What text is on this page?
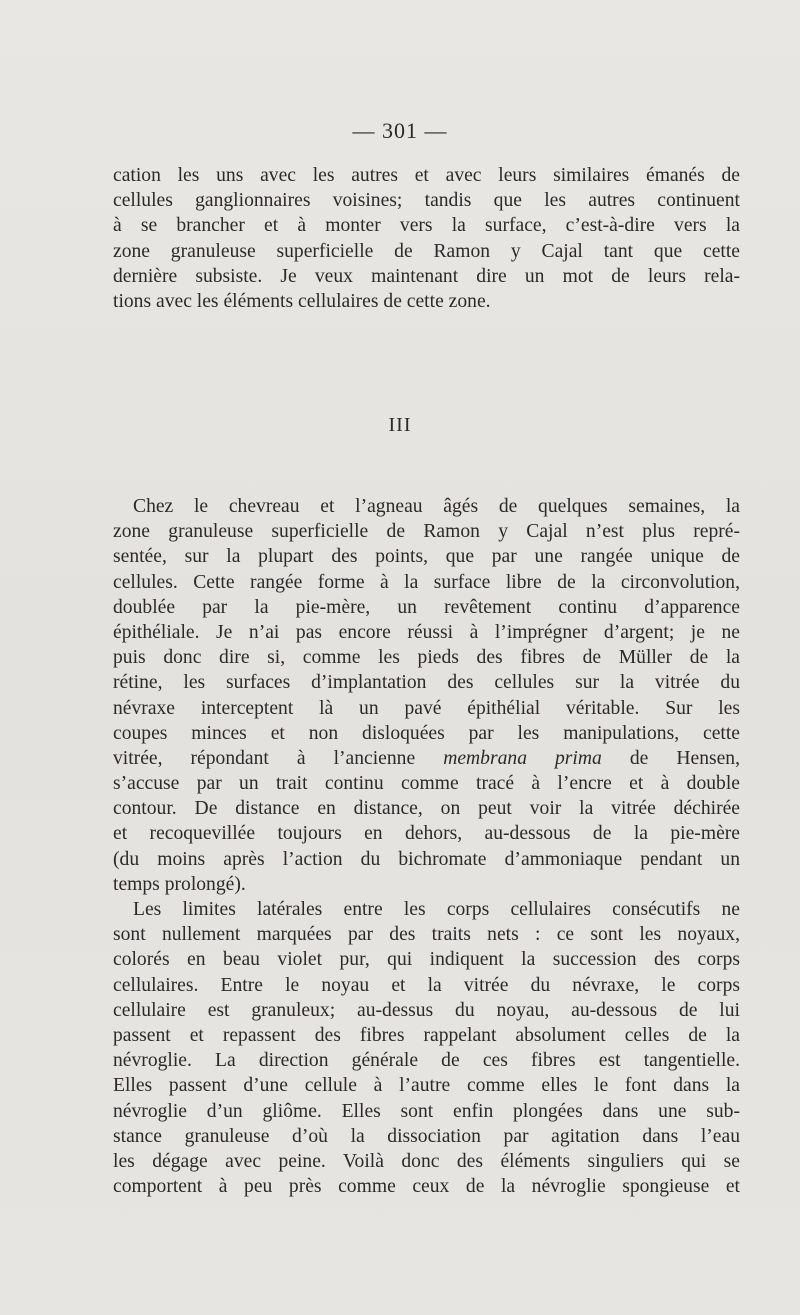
— 301 —
cation les uns avec les autres et avec leurs similaires émanés de
cellules ganglionnaires voisines; tandis que les autres continuent
à se brancher et à monter vers la surface, c’est-à-dire vers la
zone granuleuse superficielle de Ramon y Cajal tant que cette
dernière subsiste. Je veux maintenant dire un mot de leurs rela-
tions avec les éléments cellulaires de cette zone.
III
Chez le chevreau et l’agneau âgés de quelques semaines, la
zone granuleuse superficielle de Ramon y Cajal n’est plus repré-
sentée, sur la plupart des points, que par une rangée unique de
cellules. Cette rangée forme à la surface libre de la circonvolution,
doublée par la pie-mère, un revêtement continu d’apparence
épithéliale. Je n’ai pas encore réussi à l’imprégner d’argent; je ne
puis donc dire si, comme les pieds des fibres de Müller de la
rétine, les surfaces d’implantation des cellules sur la vitrée du
névraxe interceptent là un pavé épithélial véritable. Sur les
coupes minces et non disloquées par les manipulations, cette
vitrée, répondant à l’ancienne membrana prima de Hensen,
s’accuse par un trait continu comme tracé à l’encre et à double
contour. De distance en distance, on peut voir la vitrée déchirée
et recoquevillée toujours en dehors, au-dessous de la pie-mère
(du moins après l’action du bichromate d’ammoniaque pendant un
temps prolongé).
Les limites latérales entre les corps cellulaires consécutifs ne
sont nullement marquées par des traits nets : ce sont les noyaux,
colorés en beau violet pur, qui indiquent la succession des corps
cellulaires. Entre le noyau et la vitrée du névraxe, le corps
cellulaire est granuleux; au-dessus du noyau, au-dessous de lui
passent et repassent des fibres rappelant absolument celles de la
névroglie. La direction générale de ces fibres est tangentielle.
Elles passent d’une cellule à l’autre comme elles le font dans la
névroglie d’un gliôme. Elles sont enfin plongées dans une sub-
stance granuleuse d’où la dissociation par agitation dans l’eau
les dégage avec peine. Voilà donc des éléments singuliers qui se
comportent à peu près comme ceux de la névroglie spongieuse et
